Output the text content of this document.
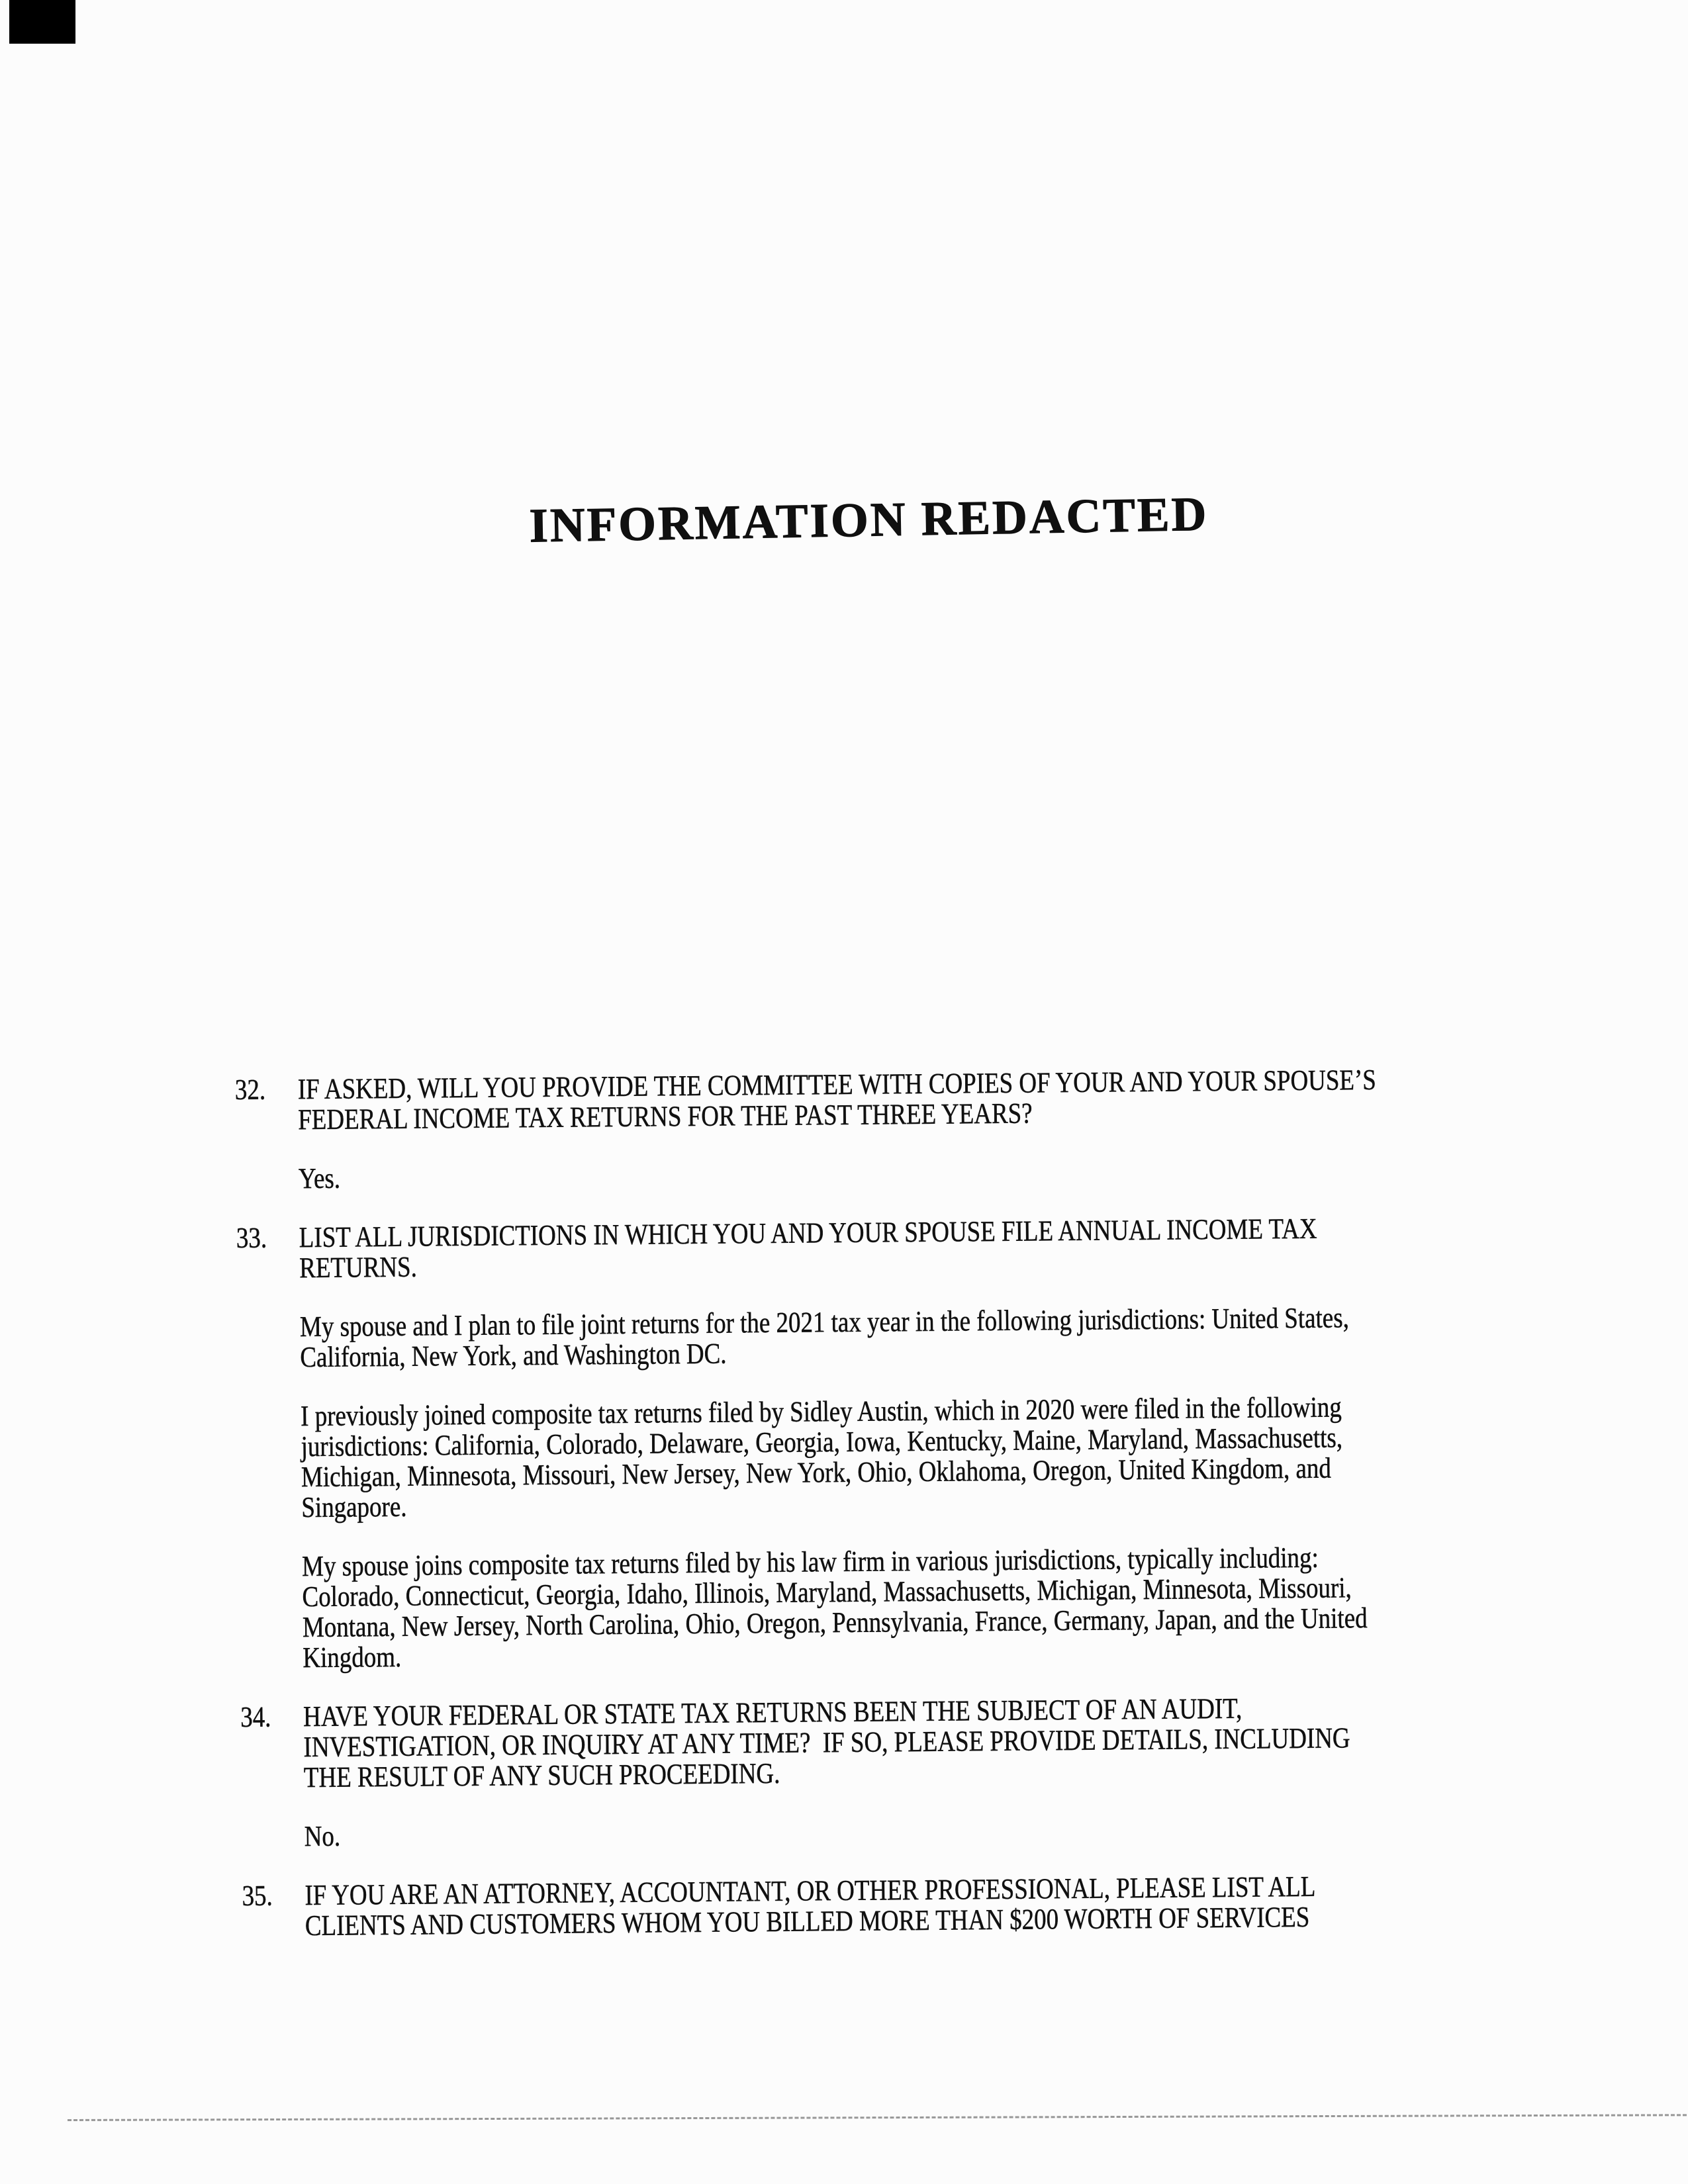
INFORMATION REDACTED
32.	IF ASKED, WILL YOU PROVIDE THE COMMITTEE WITH COPIES OF YOUR AND YOUR SPOUSE’S
FEDERAL INCOME TAX RETURNS FOR THE PAST THREE YEARS?
Yes.
33.	LIST ALL JURISDICTIONS IN WHICH YOU AND YOUR SPOUSE FILE ANNUAL INCOME TAX
RETURNS.
My spouse and I plan to file joint returns for the 2021 tax year in the following jurisdictions: United States,
California, New York, and Washington DC.
I previously joined composite tax returns filed by Sidley Austin, which in 2020 were filed in the following
jurisdictions: California, Colorado, Delaware, Georgia, Iowa, Kentucky, Maine, Maryland, Massachusetts,
Michigan, Minnesota, Missouri, New Jersey, New York, Ohio, Oklahoma, Oregon, United Kingdom, and
Singapore.
My spouse joins composite tax returns filed by his law firm in various jurisdictions, typically including:
Colorado, Connecticut, Georgia, Idaho, Illinois, Maryland, Massachusetts, Michigan, Minnesota, Missouri,
Montana, New Jersey, North Carolina, Ohio, Oregon, Pennsylvania, France, Germany, Japan, and the United
Kingdom.
34.	HAVE YOUR FEDERAL OR STATE TAX RETURNS BEEN THE SUBJECT OF AN AUDIT,
INVESTIGATION, OR INQUIRY AT ANY TIME?  IF SO, PLEASE PROVIDE DETAILS, INCLUDING
THE RESULT OF ANY SUCH PROCEEDING.
No.
35.	IF YOU ARE AN ATTORNEY, ACCOUNTANT, OR OTHER PROFESSIONAL, PLEASE LIST ALL
CLIENTS AND CUSTOMERS WHOM YOU BILLED MORE THAN $200 WORTH OF SERVICES
